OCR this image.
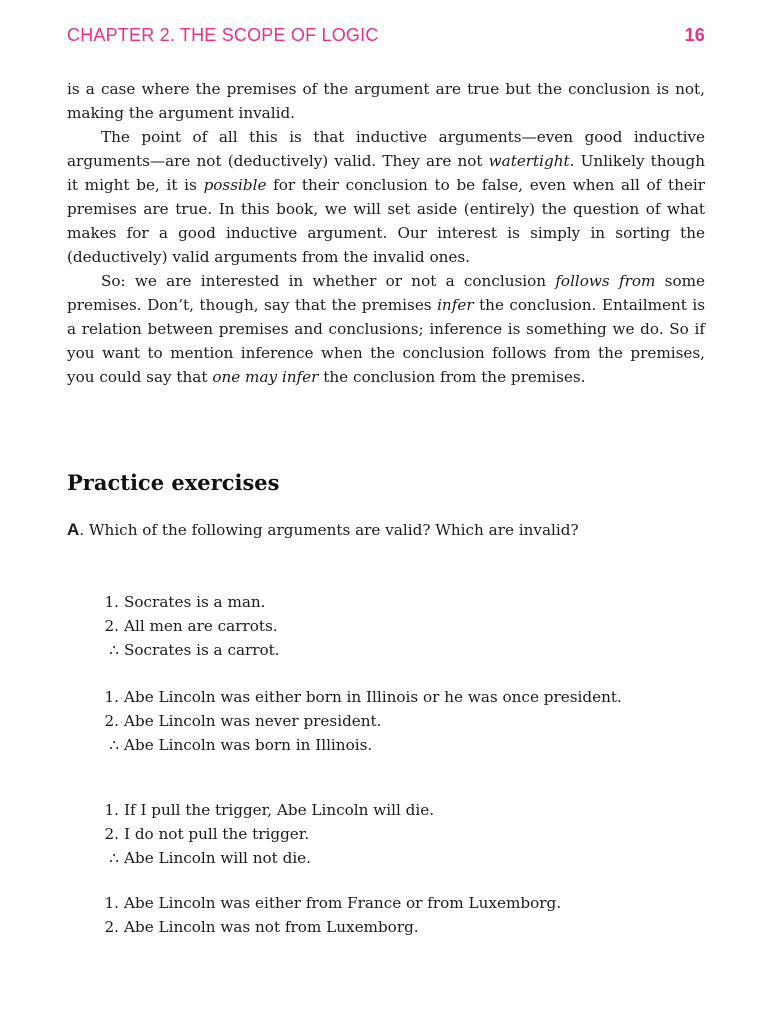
CHAPTER 2. THE SCOPE OF LOGIC	16

is a case where the premises of the argument are true but the conclusion is not, making the argument invalid.

The point of all this is that inductive arguments—even good inductive arguments—are not (deductively) valid. They are not watertight. Unlikely though it might be, it is possible for their conclusion to be false, even when all of their premises are true. In this book, we will set aside (entirely) the question of what makes for a good inductive argument. Our interest is simply in sorting the (deductively) valid arguments from the invalid ones.

So: we are interested in whether or not a conclusion follows from some premises. Don’t, though, say that the premises infer the conclusion. Entailment is a relation between premises and conclusions; inference is something we do. So if you want to mention inference when the conclusion follows from the premises, you could say that one may infer the conclusion from the premises.

Practice exercises

A. Which of the following arguments are valid? Which are invalid?

1. Socrates is a man.
2. All men are carrots.
∴ Socrates is a carrot.
1. Abe Lincoln was either born in Illinois or he was once president.
2. Abe Lincoln was never president.
∴ Abe Lincoln was born in Illinois.
1. If I pull the trigger, Abe Lincoln will die.
2. I do not pull the trigger.
∴ Abe Lincoln will not die.
1. Abe Lincoln was either from France or from Luxemborg.
2. Abe Lincoln was not from Luxemborg.
